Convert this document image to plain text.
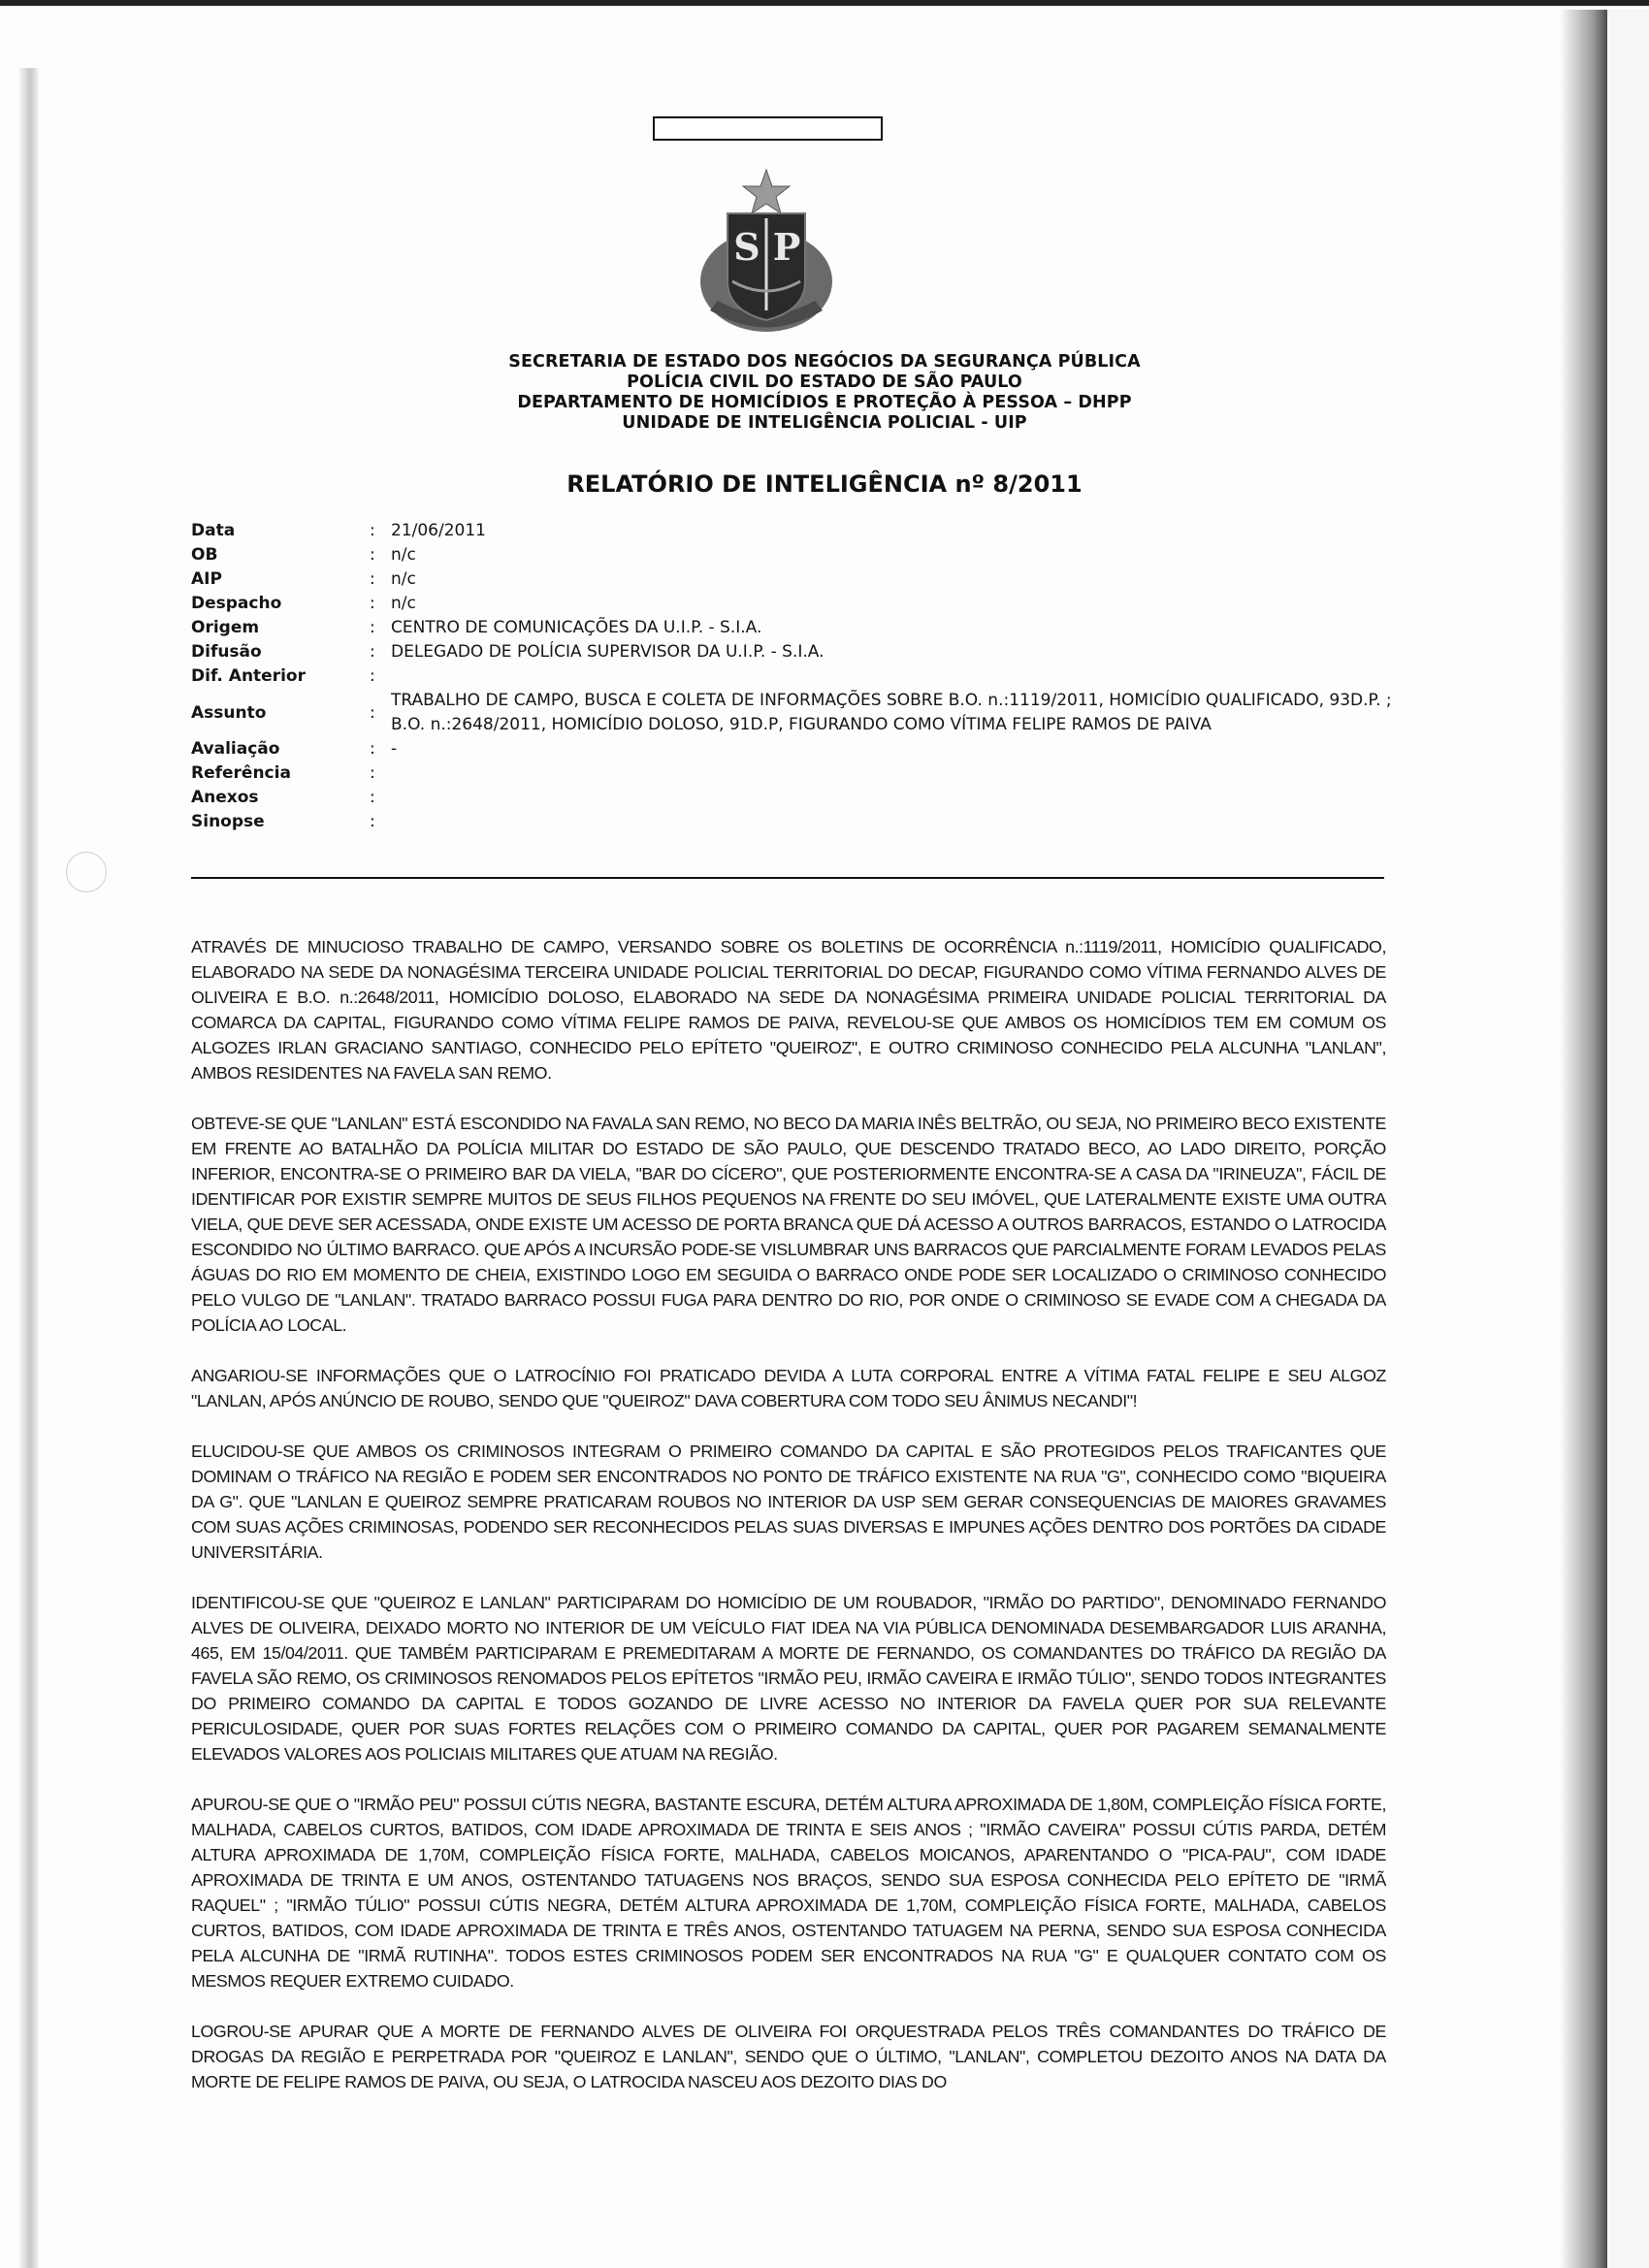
S P
SECRETARIA DE ESTADO DOS NEGÓCIOS DA SEGURANÇA PÚBLICA
POLÍCIA CIVIL DO ESTADO DE SÃO PAULO
DEPARTAMENTO DE HOMICÍDIOS E PROTEÇÃO À PESSOA – DHPP
UNIDADE DE INTELIGÊNCIA POLICIAL - UIP
RELATÓRIO DE INTELIGÊNCIA nº 8/2011
Data	: 21/06/2011
OB	: n/c
AIP	: n/c
Despacho	: n/c
Origem	: CENTRO DE COMUNICAÇÕES DA U.I.P. - S.I.A.
Difusão	: DELEGADO DE POLÍCIA SUPERVISOR DA U.I.P. - S.I.A.
Dif. Anterior	:
Assunto	:
TRABALHO DE CAMPO, BUSCA E COLETA DE INFORMAÇÕES SOBRE B.O. n.:1119/2011, HOMICÍDIO QUALIFICADO, 93D.P. ; B.O. n.:2648/2011, HOMICÍDIO DOLOSO, 91D.P, FIGURANDO COMO VÍTIMA FELIPE RAMOS DE PAIVA
Avaliação	: -
Referência	:
Anexos	:
Sinopse	:

ATRAVÉS DE MINUCIOSO TRABALHO DE CAMPO, VERSANDO SOBRE OS BOLETINS DE OCORRÊNCIA n.:1119/2011, HOMICÍDIO QUALIFICADO, ELABORADO NA SEDE DA NONAGÉSIMA TERCEIRA UNIDADE POLICIAL TERRITORIAL DO DECAP, FIGURANDO COMO VÍTIMA FERNANDO ALVES DE OLIVEIRA E B.O. n.:2648/2011, HOMICÍDIO DOLOSO, ELABORADO NA SEDE DA NONAGÉSIMA PRIMEIRA UNIDADE POLICIAL TERRITORIAL DA COMARCA DA CAPITAL, FIGURANDO COMO VÍTIMA FELIPE RAMOS DE PAIVA, REVELOU-SE QUE AMBOS OS HOMICÍDIOS TEM EM COMUM OS ALGOZES IRLAN GRACIANO SANTIAGO, CONHECIDO PELO EPÍTETO "QUEIROZ", E OUTRO CRIMINOSO CONHECIDO PELA ALCUNHA "LANLAN", AMBOS RESIDENTES NA FAVELA SAN REMO.

OBTEVE-SE QUE "LANLAN" ESTÁ ESCONDIDO NA FAVALA SAN REMO, NO BECO DA MARIA INÊS BELTRÃO, OU SEJA, NO PRIMEIRO BECO EXISTENTE EM FRENTE AO BATALHÃO DA POLÍCIA MILITAR DO ESTADO DE SÃO PAULO, QUE DESCENDO TRATADO BECO, AO LADO DIREITO, PORÇÃO INFERIOR, ENCONTRA-SE O PRIMEIRO BAR DA VIELA, "BAR DO CÍCERO", QUE POSTERIORMENTE ENCONTRA-SE A CASA DA "IRINEUZA", FÁCIL DE IDENTIFICAR POR EXISTIR SEMPRE MUITOS DE SEUS FILHOS PEQUENOS NA FRENTE DO SEU IMÓVEL, QUE LATERALMENTE EXISTE UMA OUTRA VIELA, QUE DEVE SER ACESSADA, ONDE EXISTE UM ACESSO DE PORTA BRANCA QUE DÁ ACESSO A OUTROS BARRACOS, ESTANDO O LATROCIDA ESCONDIDO NO ÚLTIMO BARRACO. QUE APÓS A INCURSÃO PODE-SE VISLUMBRAR UNS BARRACOS QUE PARCIALMENTE FORAM LEVADOS PELAS ÁGUAS DO RIO EM MOMENTO DE CHEIA, EXISTINDO LOGO EM SEGUIDA O BARRACO ONDE PODE SER LOCALIZADO O CRIMINOSO CONHECIDO PELO VULGO DE "LANLAN". TRATADO BARRACO POSSUI FUGA PARA DENTRO DO RIO, POR ONDE O CRIMINOSO SE EVADE COM A CHEGADA DA POLÍCIA AO LOCAL.

ANGARIOU-SE INFORMAÇÕES QUE O LATROCÍNIO FOI PRATICADO DEVIDA A LUTA CORPORAL ENTRE A VÍTIMA FATAL FELIPE E SEU ALGOZ "LANLAN, APÓS ANÚNCIO DE ROUBO, SENDO QUE "QUEIROZ" DAVA COBERTURA COM TODO SEU ÂNIMUS NECANDI"!

ELUCIDOU-SE QUE AMBOS OS CRIMINOSOS INTEGRAM O PRIMEIRO COMANDO DA CAPITAL E SÃO PROTEGIDOS PELOS TRAFICANTES QUE DOMINAM O TRÁFICO NA REGIÃO E PODEM SER ENCONTRADOS NO PONTO DE TRÁFICO EXISTENTE NA RUA "G", CONHECIDO COMO "BIQUEIRA DA G". QUE "LANLAN E QUEIROZ SEMPRE PRATICARAM ROUBOS NO INTERIOR DA USP SEM GERAR CONSEQUENCIAS DE MAIORES GRAVAMES COM SUAS AÇÕES CRIMINOSAS, PODENDO SER RECONHECIDOS PELAS SUAS DIVERSAS E IMPUNES AÇÕES DENTRO DOS PORTÕES DA CIDADE UNIVERSITÁRIA.

IDENTIFICOU-SE QUE "QUEIROZ E LANLAN" PARTICIPARAM DO HOMICÍDIO DE UM ROUBADOR, "IRMÃO DO PARTIDO", DENOMINADO FERNANDO ALVES DE OLIVEIRA, DEIXADO MORTO NO INTERIOR DE UM VEÍCULO FIAT IDEA NA VIA PÚBLICA DENOMINADA DESEMBARGADOR LUIS ARANHA, 465, EM 15/04/2011. QUE TAMBÉM PARTICIPARAM E PREMEDITARAM A MORTE DE FERNANDO, OS COMANDANTES DO TRÁFICO DA REGIÃO DA FAVELA SÃO REMO, OS CRIMINOSOS RENOMADOS PELOS EPÍTETOS "IRMÃO PEU, IRMÃO CAVEIRA E IRMÃO TÚLIO", SENDO TODOS INTEGRANTES DO PRIMEIRO COMANDO DA CAPITAL E TODOS GOZANDO DE LIVRE ACESSO NO INTERIOR DA FAVELA QUER POR SUA RELEVANTE PERICULOSIDADE, QUER POR SUAS FORTES RELAÇÕES COM O PRIMEIRO COMANDO DA CAPITAL, QUER POR PAGAREM SEMANALMENTE ELEVADOS VALORES AOS POLICIAIS MILITARES QUE ATUAM NA REGIÃO.

APUROU-SE QUE O "IRMÃO PEU" POSSUI CÚTIS NEGRA, BASTANTE ESCURA, DETÉM ALTURA APROXIMADA DE 1,80M, COMPLEIÇÃO FÍSICA FORTE, MALHADA, CABELOS CURTOS, BATIDOS, COM IDADE APROXIMADA DE TRINTA E SEIS ANOS ; "IRMÃO CAVEIRA" POSSUI CÚTIS PARDA, DETÉM ALTURA APROXIMADA DE 1,70M, COMPLEIÇÃO FÍSICA FORTE, MALHADA, CABELOS MOICANOS, APARENTANDO O "PICA-PAU", COM IDADE APROXIMADA DE TRINTA E UM ANOS, OSTENTANDO TATUAGENS NOS BRAÇOS, SENDO SUA ESPOSA CONHECIDA PELO EPÍTETO DE "IRMÃ RAQUEL" ; "IRMÃO TÚLIO" POSSUI CÚTIS NEGRA, DETÉM ALTURA APROXIMADA DE 1,70M, COMPLEIÇÃO FÍSICA FORTE, MALHADA, CABELOS CURTOS, BATIDOS, COM IDADE APROXIMADA DE TRINTA E TRÊS ANOS, OSTENTANDO TATUAGEM NA PERNA, SENDO SUA ESPOSA CONHECIDA PELA ALCUNHA DE "IRMÃ RUTINHA". TODOS ESTES CRIMINOSOS PODEM SER ENCONTRADOS NA RUA "G" E QUALQUER CONTATO COM OS MESMOS REQUER EXTREMO CUIDADO.

LOGROU-SE APURAR QUE A MORTE DE FERNANDO ALVES DE OLIVEIRA FOI ORQUESTRADA PELOS TRÊS COMANDANTES DO TRÁFICO DE DROGAS DA REGIÃO E PERPETRADA POR "QUEIROZ E LANLAN", SENDO QUE O ÚLTIMO, "LANLAN", COMPLETOU DEZOITO ANOS NA DATA DA MORTE DE FELIPE RAMOS DE PAIVA, OU SEJA, O LATROCIDA NASCEU AOS DEZOITO DIAS DO
